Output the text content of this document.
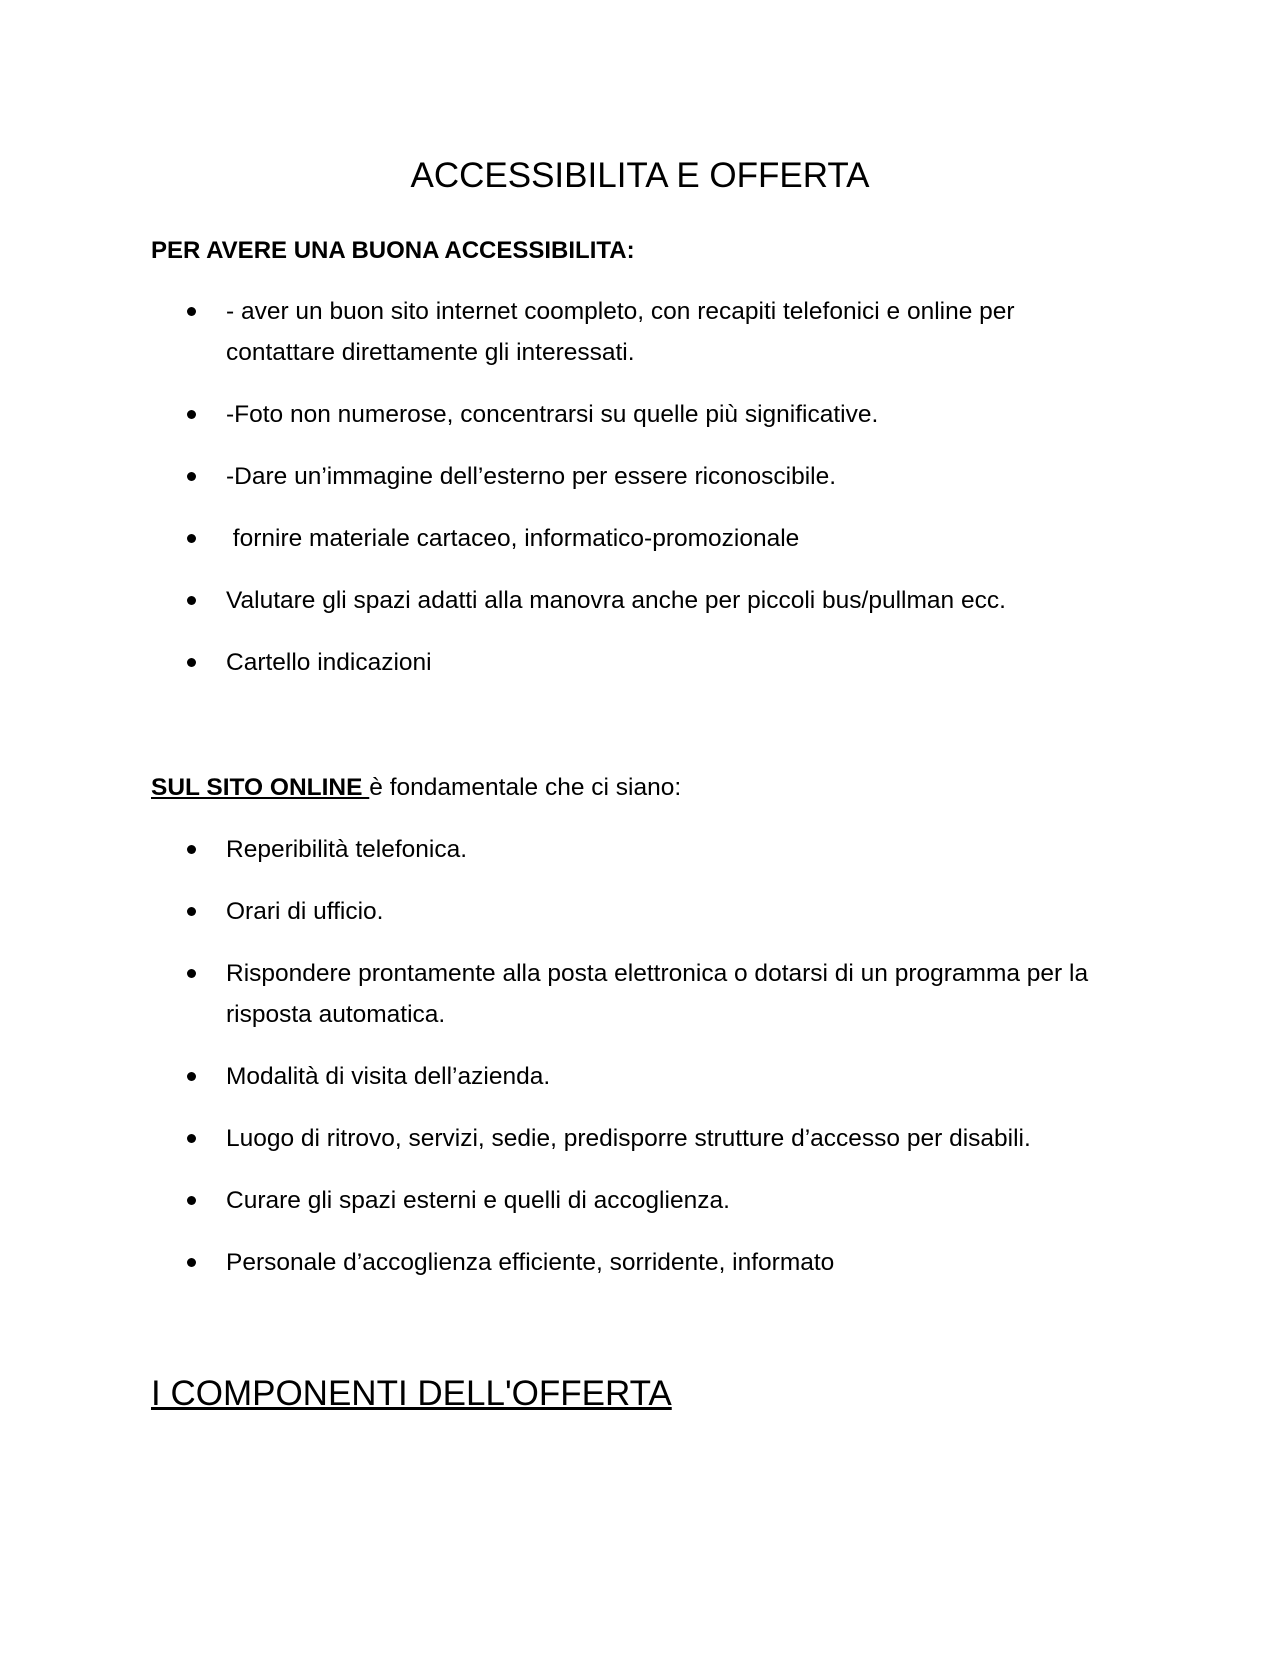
ACCESSIBILITA E OFFERTA
PER AVERE UNA BUONA ACCESSIBILITA:
- aver un buon sito internet coompleto, con recapiti telefonici e online per contattare direttamente gli interessati.
-Foto non numerose, concentrarsi su quelle più significative.
-Dare un’immagine dell’esterno per essere riconoscibile.
fornire materiale cartaceo, informatico-promozionale
Valutare gli spazi adatti alla manovra anche per piccoli bus/pullman ecc.
Cartello indicazioni
SUL SITO ONLINE è fondamentale che ci siano:
Reperibilità telefonica.
Orari di ufficio.
Rispondere prontamente alla posta elettronica o dotarsi di un programma per la risposta automatica.
Modalità di visita dell’azienda.
Luogo di ritrovo, servizi, sedie, predisporre strutture d’accesso per disabili.
Curare gli spazi esterni e quelli di accoglienza.
Personale d’accoglienza efficiente, sorridente, informato
I COMPONENTI DELL'OFFERTA
